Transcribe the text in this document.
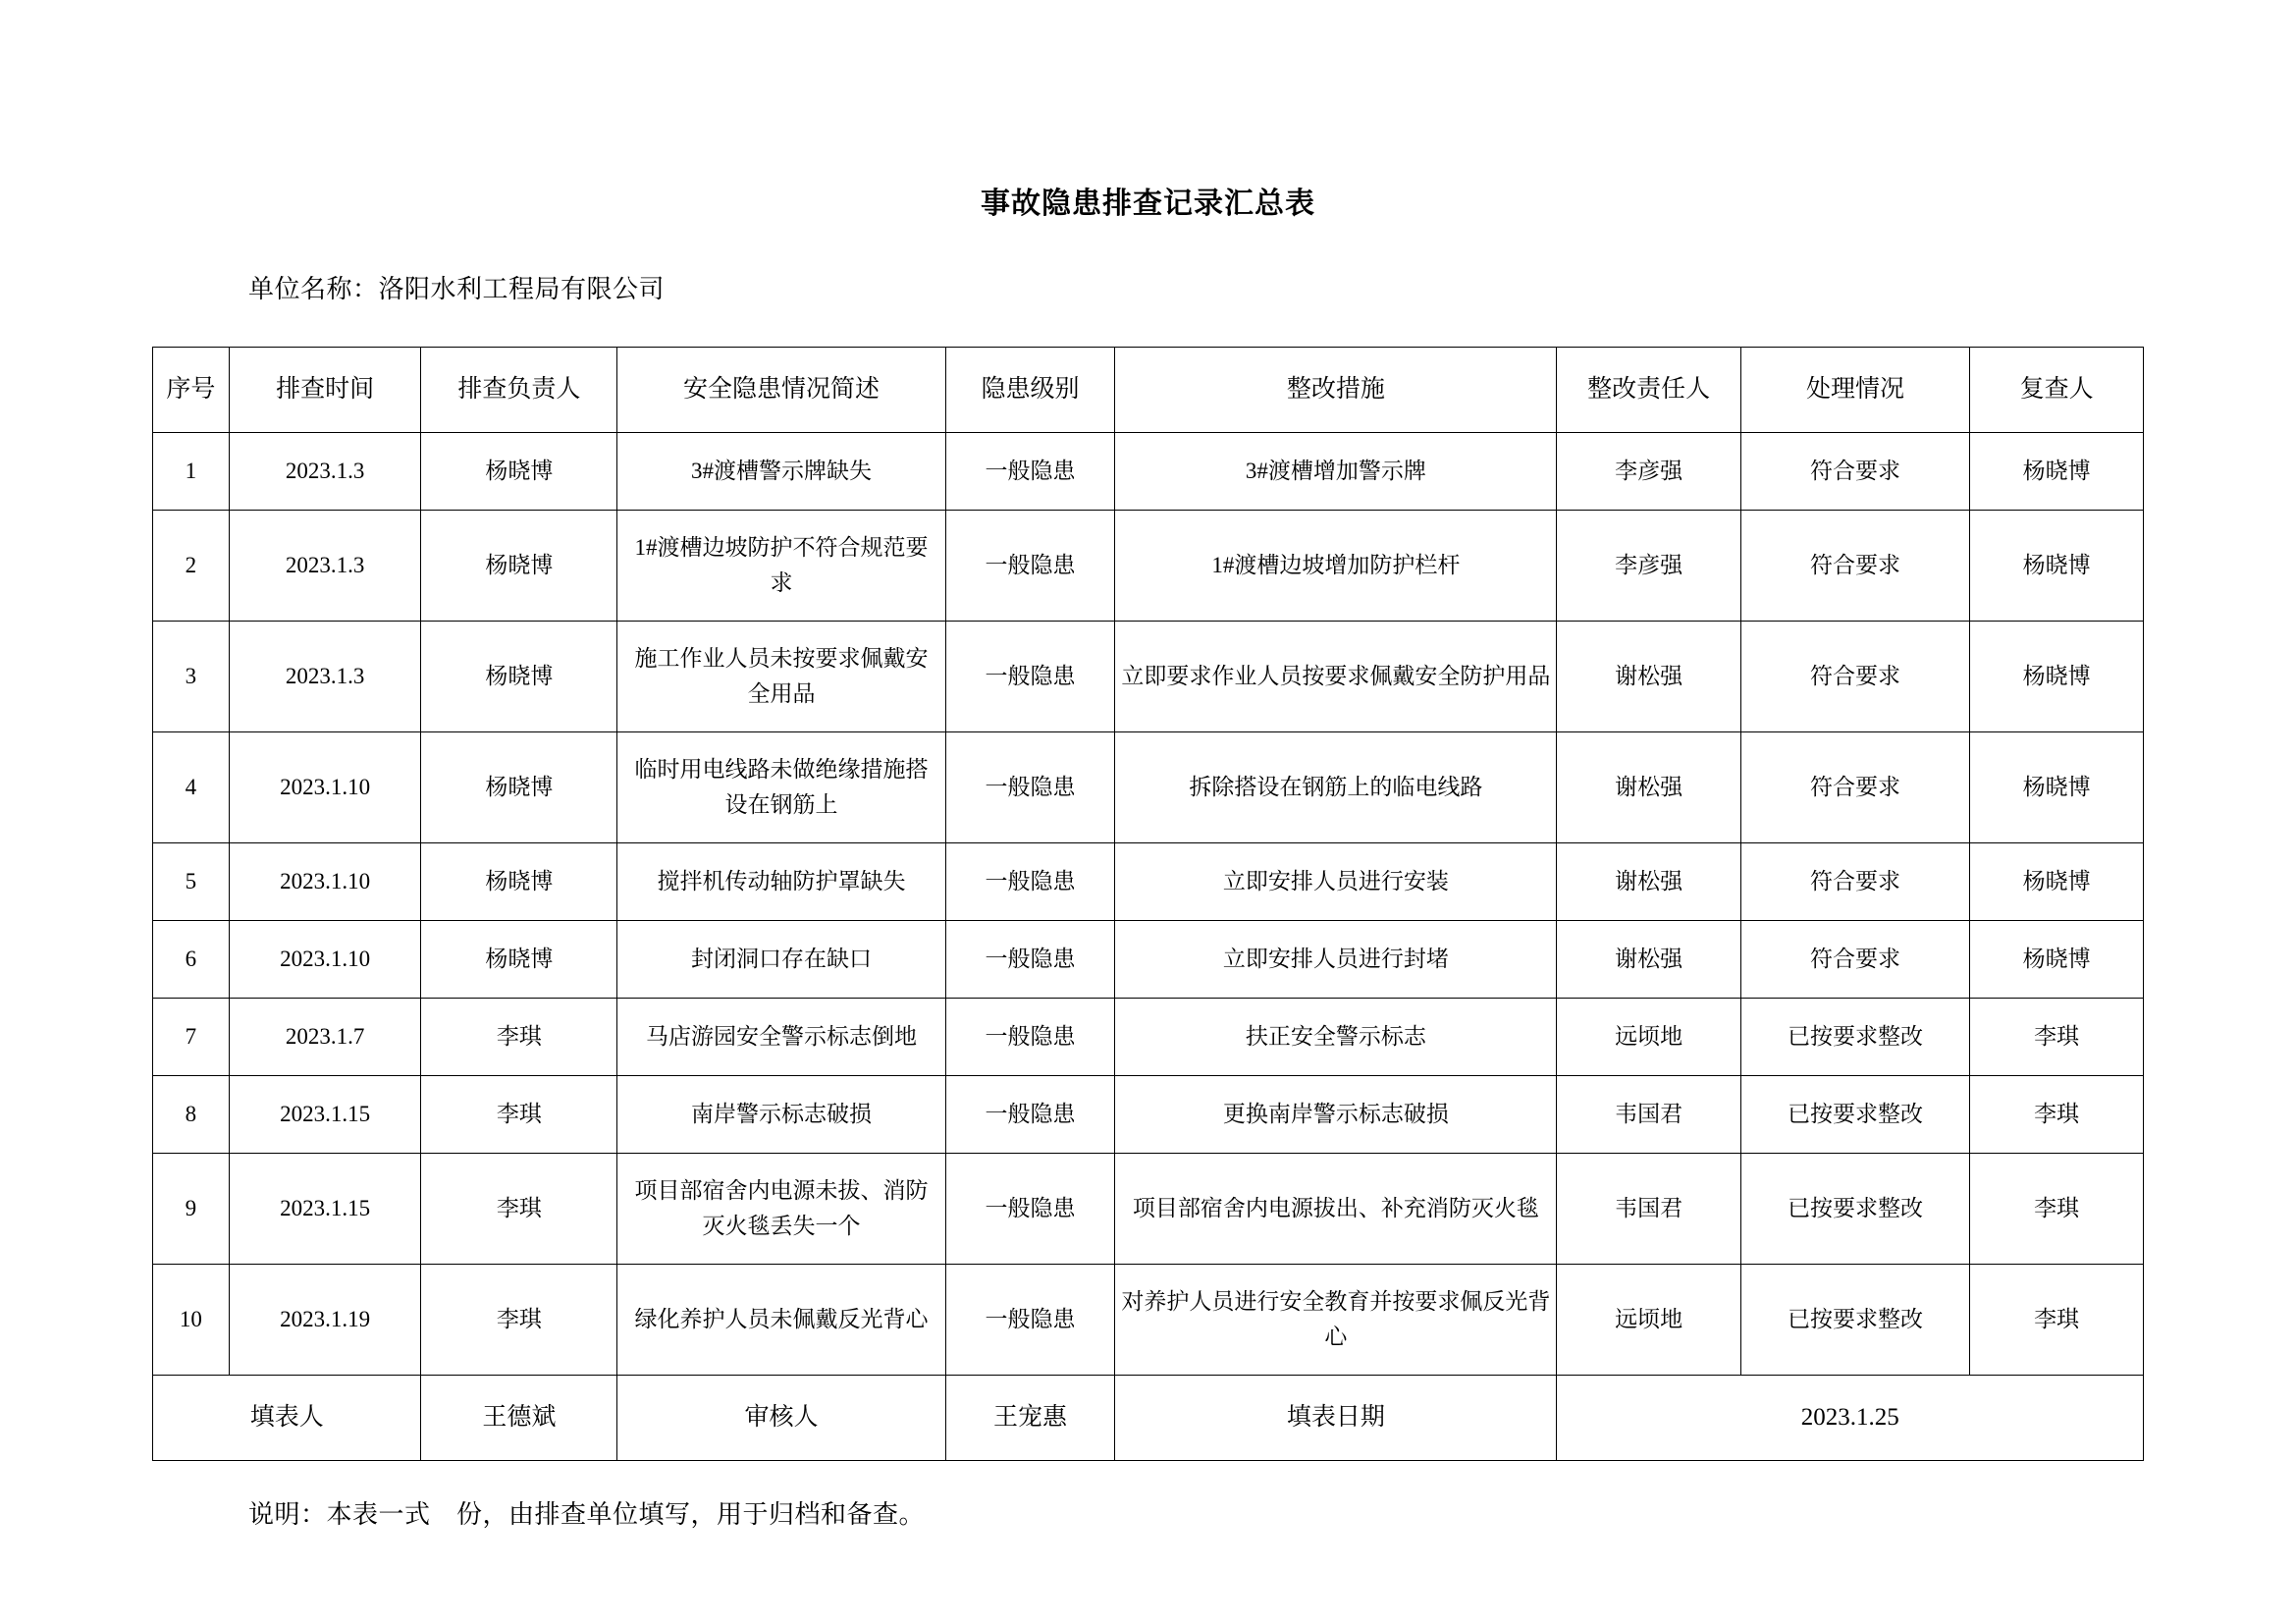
事故隐患排查记录汇总表
单位名称：洛阳水利工程局有限公司
序号	排查时间	排查负责人	安全隐患情况简述	隐患级别	整改措施	整改责任人	处理情况	复查人
1	2023.1.3	杨晓博	3#渡槽警示牌缺失	一般隐患	3#渡槽增加警示牌	李彦强	符合要求	杨晓博
2	2023.1.3	杨晓博	1#渡槽边坡防护不符合规范要求	一般隐患	1#渡槽边坡增加防护栏杆	李彦强	符合要求	杨晓博
3	2023.1.3	杨晓博	施工作业人员未按要求佩戴安全用品	一般隐患	立即要求作业人员按要求佩戴安全防护用品	谢松强	符合要求	杨晓博
4	2023.1.10	杨晓博	临时用电线路未做绝缘措施搭设在钢筋上	一般隐患	拆除搭设在钢筋上的临电线路	谢松强	符合要求	杨晓博
5	2023.1.10	杨晓博	搅拌机传动轴防护罩缺失	一般隐患	立即安排人员进行安装	谢松强	符合要求	杨晓博
6	2023.1.10	杨晓博	封闭洞口存在缺口	一般隐患	立即安排人员进行封堵	谢松强	符合要求	杨晓博
7	2023.1.7	李琪	马店游园安全警示标志倒地	一般隐患	扶正安全警示标志	远顷地	已按要求整改	李琪
8	2023.1.15	李琪	南岸警示标志破损	一般隐患	更换南岸警示标志破损	韦国君	已按要求整改	李琪
9	2023.1.15	李琪	项目部宿舍内电源未拔、消防灭火毯丢失一个	一般隐患	项目部宿舍内电源拔出、补充消防灭火毯	韦国君	已按要求整改	李琪
10	2023.1.19	李琪	绿化养护人员未佩戴反光背心	一般隐患	对养护人员进行安全教育并按要求佩反光背心	远顷地	已按要求整改	李琪
填表人		王德斌	审核人	王宠惠	填表日期	2023.1.25		
说明：本表一式　份，由排查单位填写，用于归档和备查。
